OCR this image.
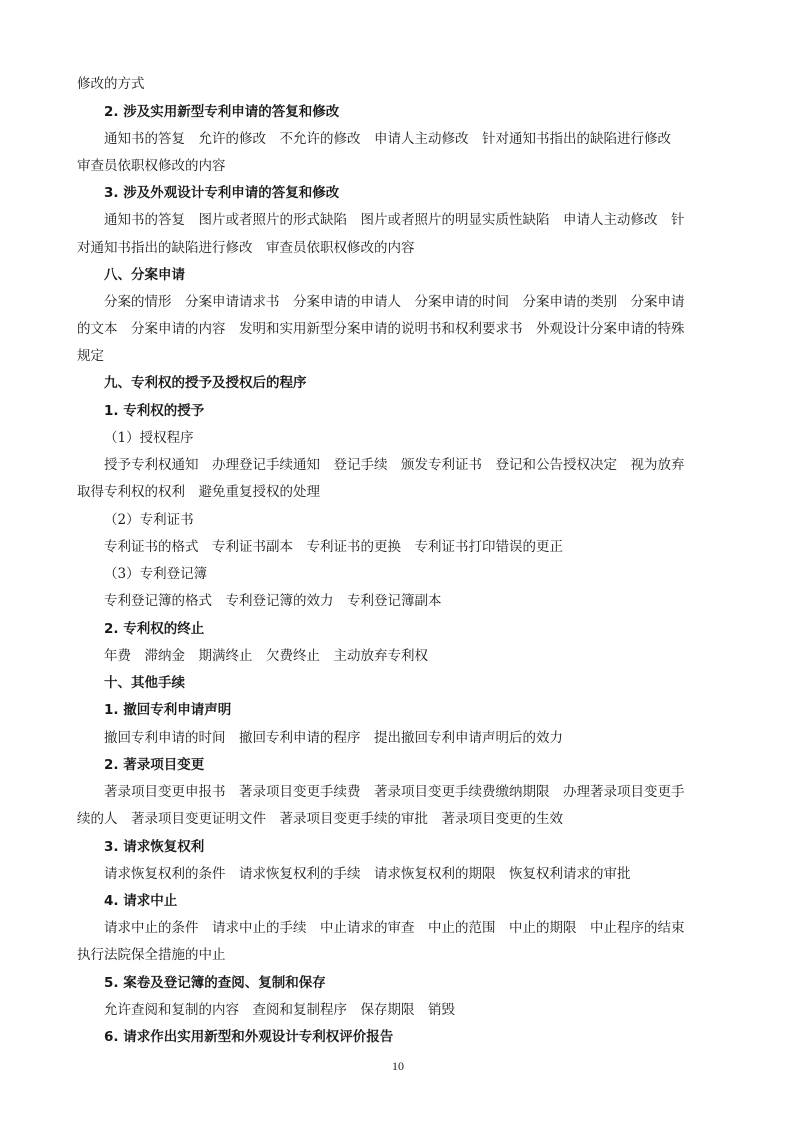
修改的方式

2. 涉及实用新型专利申请的答复和修改

通知书的答复　允许的修改　不允许的修改　申请人主动修改　针对通知书指出的缺陷进行修改

审查员依职权修改的内容

3. 涉及外观设计专利申请的答复和修改

通知书的答复　图片或者照片的形式缺陷　图片或者照片的明显实质性缺陷　申请人主动修改　针

对通知书指出的缺陷进行修改　审查员依职权修改的内容

八、分案申请

分案的情形　分案申请请求书　分案申请的申请人　分案申请的时间　分案申请的类别　分案申请

的文本　分案申请的内容　发明和实用新型分案申请的说明书和权利要求书　外观设计分案申请的特殊

规定

九、专利权的授予及授权后的程序

1. 专利权的授予

（1）授权程序

授予专利权通知　办理登记手续通知　登记手续　颁发专利证书　登记和公告授权决定　视为放弃

取得专利权的权利　避免重复授权的处理

（2）专利证书

专利证书的格式　专利证书副本　专利证书的更换　专利证书打印错误的更正

（3）专利登记簿

专利登记簿的格式　专利登记簿的效力　专利登记簿副本

2. 专利权的终止

年费　滞纳金　期满终止　欠费终止　主动放弃专利权

十、其他手续

1. 撤回专利申请声明

撤回专利申请的时间　撤回专利申请的程序　提出撤回专利申请声明后的效力

2. 著录项目变更

著录项目变更申报书　著录项目变更手续费　著录项目变更手续费缴纳期限　办理著录项目变更手

续的人　著录项目变更证明文件　著录项目变更手续的审批　著录项目变更的生效

3. 请求恢复权利

请求恢复权利的条件　请求恢复权利的手续　请求恢复权利的期限　恢复权利请求的审批

4. 请求中止

请求中止的条件　请求中止的手续　中止请求的审查　中止的范围　中止的期限　中止程序的结束

执行法院保全措施的中止

5. 案卷及登记簿的查阅、复制和保存

允许查阅和复制的内容　查阅和复制程序　保存期限　销毁

6. 请求作出实用新型和外观设计专利权评价报告

10
